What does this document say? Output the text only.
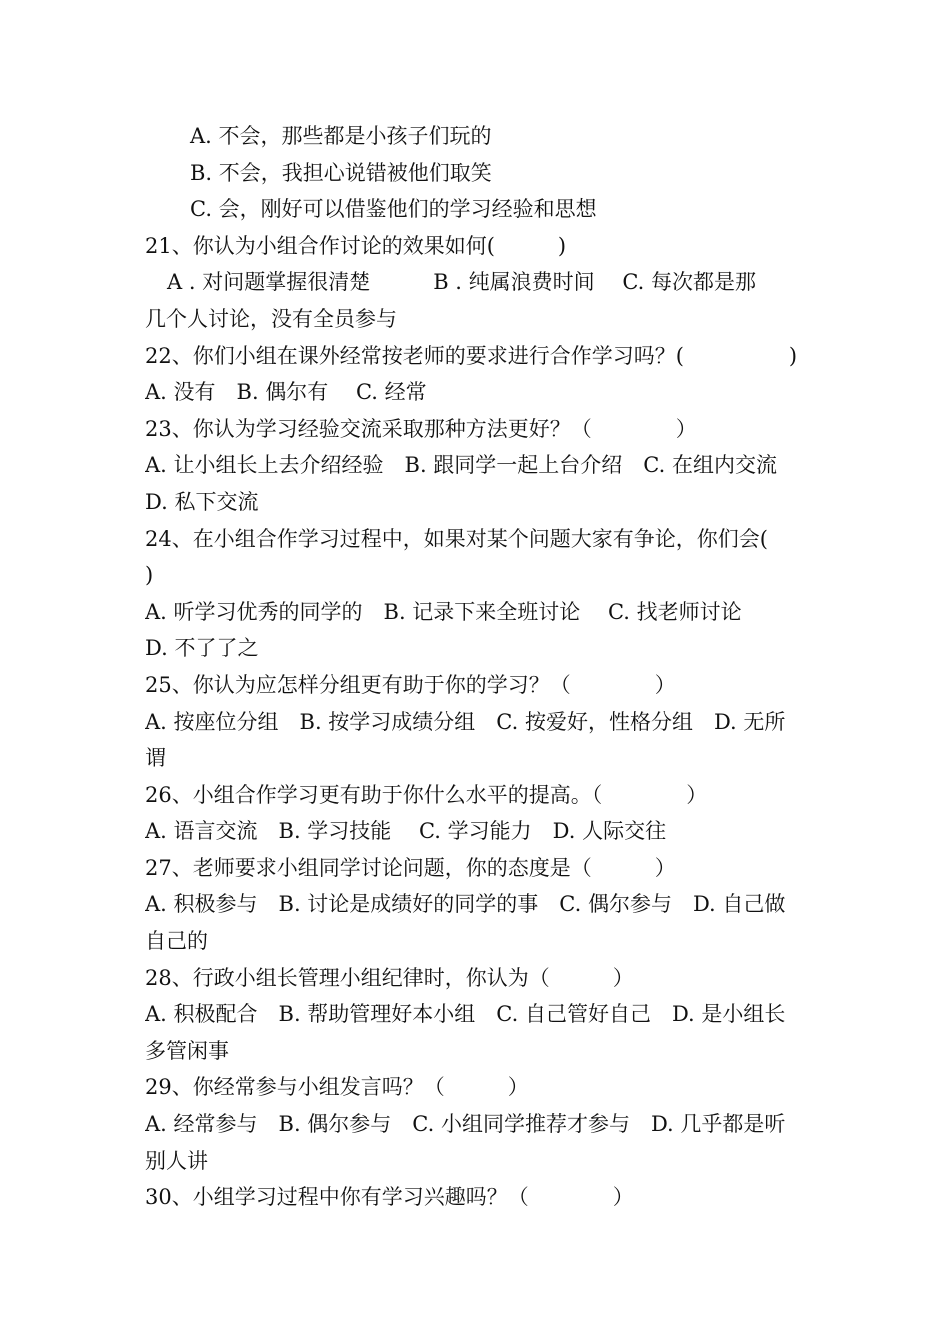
A. 不会，那些都是小孩子们玩的
B. 不会，我担心说错被他们取笑
C. 会，刚好可以借鉴他们的学习经验和思想
21、你认为小组合作讨论的效果如何(　　　)
A . 对问题掌握很清楚　　　B . 纯属浪费时间　 C. 每次都是那
几个人讨论，没有全员参与
22、你们小组在课外经常按老师的要求进行合作学习吗？(　　　　　)
A. 没有　B. 偶尔有　 C. 经常
23、你认为学习经验交流采取那种方法更好？（　　　　）
A. 让小组长上去介绍经验　B. 跟同学一起上台介绍　C. 在组内交流
D. 私下交流
24、在小组合作学习过程中，如果对某个问题大家有争论，你们会(
)
A. 听学习优秀的同学的　B. 记录下来全班讨论　 C. 找老师讨论
D. 不了了之
25、你认为应怎样分组更有助于你的学习？（　　　　）
A. 按座位分组　B. 按学习成绩分组　C. 按爱好，性格分组　D. 无所
谓
26、小组合作学习更有助于你什么水平的提高。（　　　　）
A. 语言交流　B. 学习技能　 C. 学习能力　D. 人际交往
27、老师要求小组同学讨论问题，你的态度是（　　　）
A. 积极参与　B. 讨论是成绩好的同学的事　C. 偶尔参与　D. 自己做
自己的
28、行政小组长管理小组纪律时，你认为（　　　）
A. 积极配合　B. 帮助管理好本小组　C. 自己管好自己　D. 是小组长
多管闲事
29、你经常参与小组发言吗？（　　　）
A. 经常参与　B. 偶尔参与　C. 小组同学推荐才参与　D. 几乎都是听
别人讲
30、小组学习过程中你有学习兴趣吗？（　　　　）
